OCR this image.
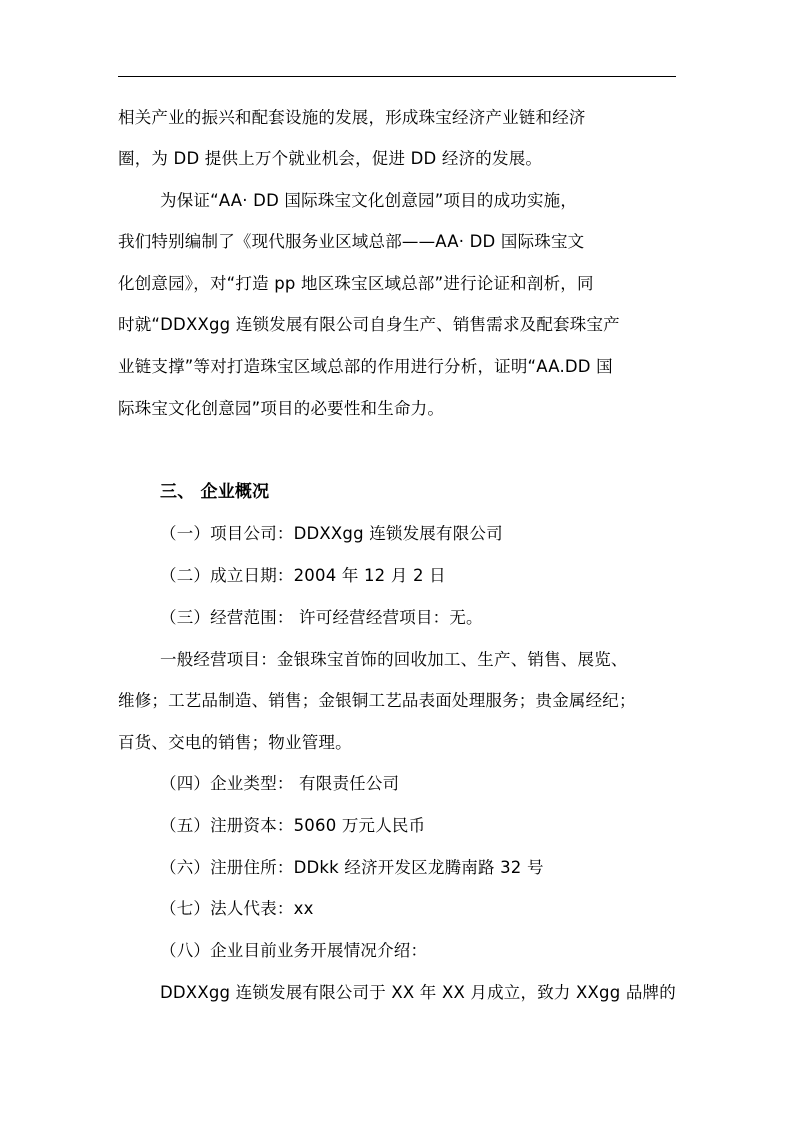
相关产业的振兴和配套设施的发展，形成珠宝经济产业链和经济
圈，为 DD 提供上万个就业机会，促进 DD 经济的发展。
为保证“AA· DD 国际珠宝文化创意园”项目的成功实施，
我们特别编制了《现代服务业区域总部——AA· DD 国际珠宝文
化创意园》，对“打造 pp 地区珠宝区域总部”进行论证和剖析，同
时就“DDXXgg 连锁发展有限公司自身生产、销售需求及配套珠宝产
业链支撑”等对打造珠宝区域总部的作用进行分析，证明“AA.DD 国
际珠宝文化创意园”项目的必要性和生命力。
三、 企业概况
（一）项目公司：DDXXgg 连锁发展有限公司
（二）成立日期：2004 年 12 月 2 日
（三）经营范围： 许可经营经营项目：无。
一般经营项目：金银珠宝首饰的回收加工、生产、销售、展览、
维修；工艺品制造、销售；金银铜工艺品表面处理服务；贵金属经纪；
百货、交电的销售；物业管理。
（四）企业类型： 有限责任公司
（五）注册资本：5060 万元人民币
（六）注册住所：DDkk 经济开发区龙腾南路 32 号
（七）法人代表：xx
（八）企业目前业务开展情况介绍：
DDXXgg 连锁发展有限公司于 XX 年 XX 月成立，致力 XXgg 品牌的
